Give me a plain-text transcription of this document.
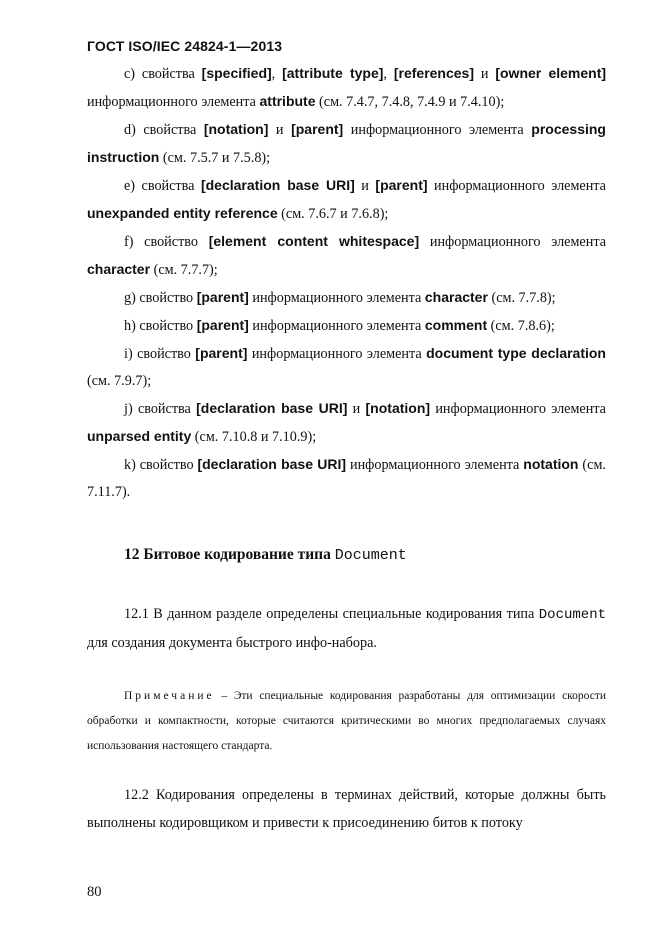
ГОСТ ISO/IEC 24824-1—2013

c) свойства [specified], [attribute type], [references] и [owner element] информационного элемента attribute (см. 7.4.7, 7.4.8, 7.4.9 и 7.4.10);

d) свойства [notation] и [parent] информационного элемента processing instruction (см. 7.5.7 и 7.5.8);

e) свойства [declaration base URI] и [parent] информационного элемента unexpanded entity reference (см. 7.6.7 и 7.6.8);

f) свойство [element content whitespace] информационного элемента character (см. 7.7.7);

g) свойство [parent] информационного элемента character (см. 7.7.8);

h) свойство [parent] информационного элемента comment (см. 7.8.6);

i) свойство [parent] информационного элемента document type declaration (см. 7.9.7);

j) свойства [declaration base URI] и [notation] информационного элемента unparsed entity (см. 7.10.8 и 7.10.9);

k) свойство [declaration base URI] информационного элемента notation (см. 7.11.7).

12 Битовое кодирование типа Document

12.1 В данном разделе определены специальные кодирования типа Document для создания документа быстрого инфо-набора.

Примечание – Эти специальные кодирования разработаны для оптимизации скорости обработки и компактности, которые считаются критическими во многих предполагаемых случаях использования настоящего стандарта.

12.2 Кодирования определены в терминах действий, которые должны быть выполнены кодировщиком и привести к присоединению битов к потоку

80
